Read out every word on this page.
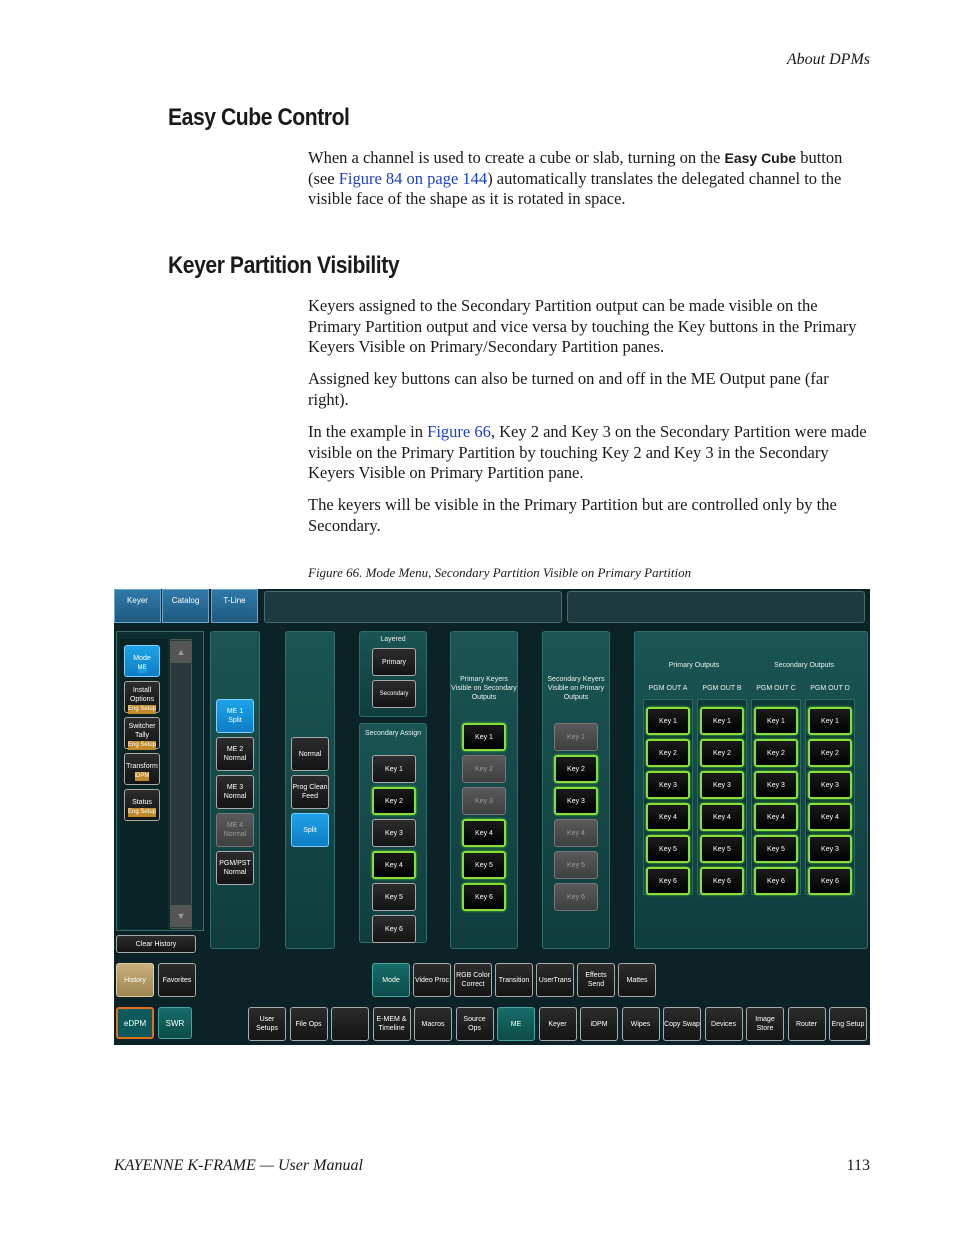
About DPMs
Easy Cube Control

When a channel is used to create a cube or slab, turning on the Easy Cube button (see Figure 84 on page 144) automatically translates the delegated channel to the visible face of the shape as it is rotated in space.

Keyer Partition Visibility

Keyers assigned to the Secondary Partition output can be made visible on the Primary Partition output and vice versa by touching the Key buttons in the Primary Keyers Visible on Primary/Secondary Partition panes.

Assigned key buttons can also be turned on and off in the ME Output pane (far right).

In the example in Figure 66, Key 2 and Key 3 on the Secondary Partition were made visible on the Primary Partition by touching Key 2 and Key 3 in the Secondary Keyers Visible on Primary Partition pane.

The keyers will be visible in the Primary Partition but are controlled only by the Secondary.

Figure 66. Mode Menu, Secondary Partition Visible on Primary Partition
Keyer	Catalog	T-Line
▲
▼
Mode
ME
Install Options
Eng Setup
Switcher Tally
Eng Setup
Transform
iDPM
Status
Eng Setup
Clear History
History	Favorites
eDPM	SWR
ME 1
Split
ME 2
Normal
ME 3
Normal
ME 4
Normal
PGM/PST
Normal
Normal
Prog Clean Feed
Split
Layered
Primary
Secondary
Secondary Assign
Key 1
Key 2
Key 3
Key 4
Key 5
Key 6
Primary Keyers Visible on Secondary Outputs
Key 1
Key 2
Key 3
Key 4
Key 5
Key 6
Secondary Keyers Visible on Primary Outputs
Key 1
Key 2
Key 3
Key 4
Key 5
Key 6
Primary Outputs	Secondary Outputs
PGM OUT A
Key 1
Key 2
Key 3
Key 4
Key 5
Key 6
PGM OUT B
Key 1
Key 2
Key 3
Key 4
Key 5
Key 6
PGM OUT C
Key 1
Key 2
Key 3
Key 4
Key 5
Key 6
PGM OUT D
Key 1
Key 2
Key 3
Key 4
Key 3
Key 6
Mode	Video Proc
RGB Color Correct
Transition	UserTrans
Effects Send
Mattes
User Setups
File Ops
E-MEM & Timeline
Macros
Source Ops
ME	Keyer	iDPM	Wipes	Copy Swap	Devices
Image Store
Router	Eng Setup
KAYENNE K-FRAME — User Manual	113
